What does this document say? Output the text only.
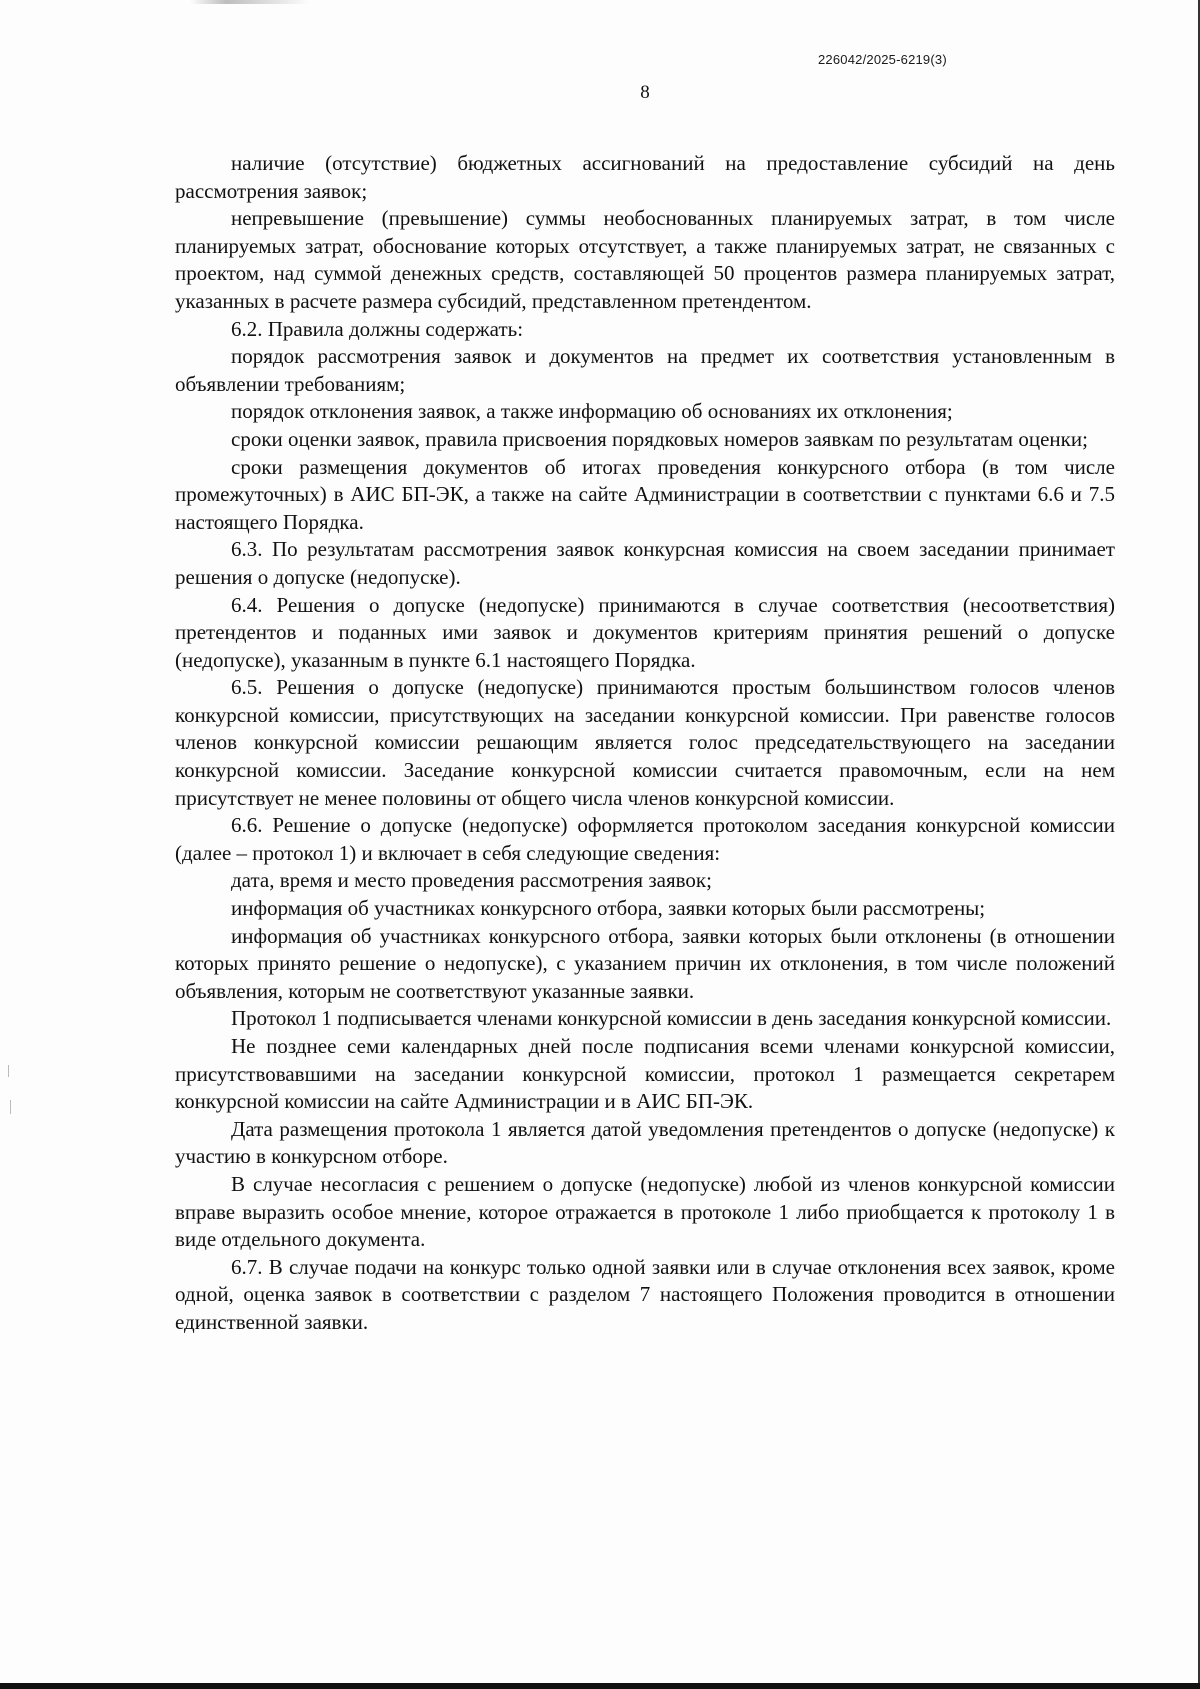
226042/2025-6219(3)
8

наличие (отсутствие) бюджетных ассигнований на предоставление субсидий на день рассмотрения заявок;

непревышение (превышение) суммы необоснованных планируемых затрат, в том числе планируемых затрат, обоснование которых отсутствует, а также планируемых затрат, не связанных с проектом, над суммой денежных средств, составляющей 50 процентов размера планируемых затрат, указанных в расчете размера субсидий, представленном претендентом.

6.2. Правила должны содержать:

порядок рассмотрения заявок и документов на предмет их соответствия установленным в объявлении требованиям;

порядок отклонения заявок, а также информацию об основаниях их отклонения;

сроки оценки заявок, правила присвоения порядковых номеров заявкам по результатам оценки;

сроки размещения документов об итогах проведения конкурсного отбора (в том числе промежуточных) в АИС БП-ЭК, а также на сайте Администрации в соответствии с пунктами 6.6 и 7.5 настоящего Порядка.

6.3. По результатам рассмотрения заявок конкурсная комиссия на своем заседании принимает решения о допуске (недопуске).

6.4. Решения о допуске (недопуске) принимаются в случае соответствия (несоответствия) претендентов и поданных ими заявок и документов критериям принятия решений о допуске (недопуске), указанным в пункте 6.1 настоящего Порядка.

6.5. Решения о допуске (недопуске) принимаются простым большинством голосов членов конкурсной комиссии, присутствующих на заседании конкурсной комиссии. При равенстве голосов членов конкурсной комиссии решающим является голос председательствующего на заседании конкурсной комиссии. Заседание конкурсной комиссии считается правомочным, если на нем присутствует не менее половины от общего числа членов конкурсной комиссии.

6.6. Решение о допуске (недопуске) оформляется протоколом заседания конкурсной комиссии (далее – протокол 1) и включает в себя следующие сведения:

дата, время и место проведения рассмотрения заявок;

информация об участниках конкурсного отбора, заявки которых были рассмотрены;

информация об участниках конкурсного отбора, заявки которых были отклонены (в отношении которых принято решение о недопуске), с указанием причин их отклонения, в том числе положений объявления, которым не соответствуют указанные заявки.

Протокол 1 подписывается членами конкурсной комиссии в день заседания конкурсной комиссии.

Не позднее семи календарных дней после подписания всеми членами конкурсной комиссии, присутствовавшими на заседании конкурсной комиссии, протокол 1 размещается секретарем конкурсной комиссии на сайте Администрации и в АИС БП-ЭК.

Дата размещения протокола 1 является датой уведомления претендентов о допуске (недопуске) к участию в конкурсном отборе.

В случае несогласия с решением о допуске (недопуске) любой из членов конкурсной комиссии вправе выразить особое мнение, которое отражается в протоколе 1 либо приобщается к протоколу 1 в виде отдельного документа.

6.7. В случае подачи на конкурс только одной заявки или в случае отклонения всех заявок, кроме одной, оценка заявок в соответствии с разделом 7 настоящего Положения проводится в отношении единственной заявки.
